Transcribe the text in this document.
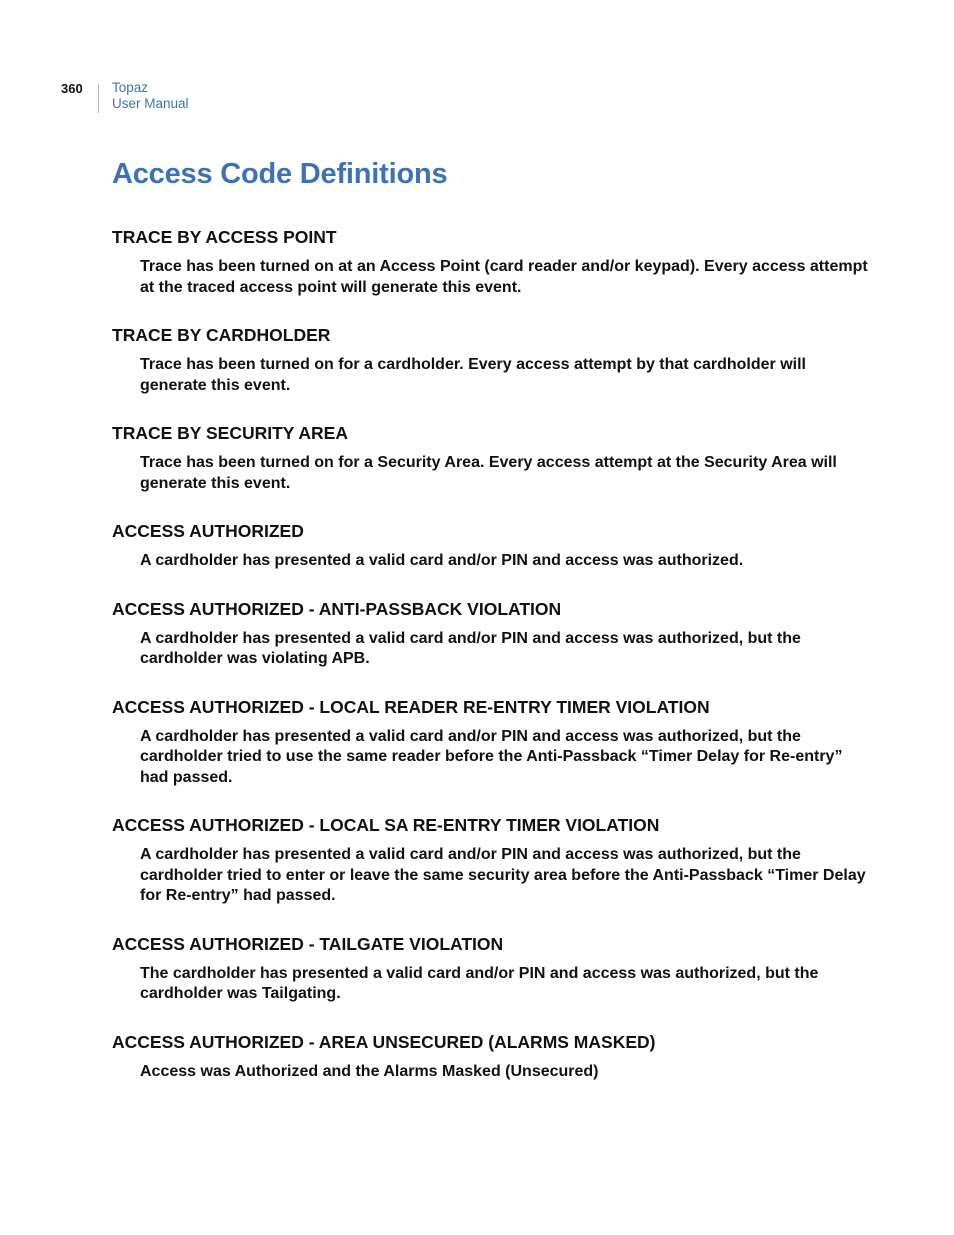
360 Topaz
User Manual
Access Code Definitions
TRACE BY ACCESS POINT

Trace has been turned on at an Access Point (card reader and/or keypad). Every access attempt at the traced access point will generate this event.

TRACE BY CARDHOLDER

Trace has been turned on for a cardholder. Every access attempt by that cardholder will generate this event.

TRACE BY SECURITY AREA

Trace has been turned on for a Security Area. Every access attempt at the Security Area will generate this event.

ACCESS AUTHORIZED

A cardholder has presented a valid card and/or PIN and access was authorized.

ACCESS AUTHORIZED - ANTI-PASSBACK VIOLATION

A cardholder has presented a valid card and/or PIN and access was authorized, but the cardholder was violating APB.

ACCESS AUTHORIZED - LOCAL READER RE-ENTRY TIMER VIOLATION

A cardholder has presented a valid card and/or PIN and access was authorized, but the cardholder tried to use the same reader before the Anti-Passback “Timer Delay for Re-entry” had passed.

ACCESS AUTHORIZED - LOCAL SA RE-ENTRY TIMER VIOLATION

A cardholder has presented a valid card and/or PIN and access was authorized, but the cardholder tried to enter or leave the same security area before the Anti-Passback “Timer Delay for Re-entry” had passed.

ACCESS AUTHORIZED - TAILGATE VIOLATION

The cardholder has presented a valid card and/or PIN and access was authorized, but the cardholder was Tailgating.

ACCESS AUTHORIZED - AREA UNSECURED (ALARMS MASKED)

Access was Authorized and the Alarms Masked (Unsecured)
